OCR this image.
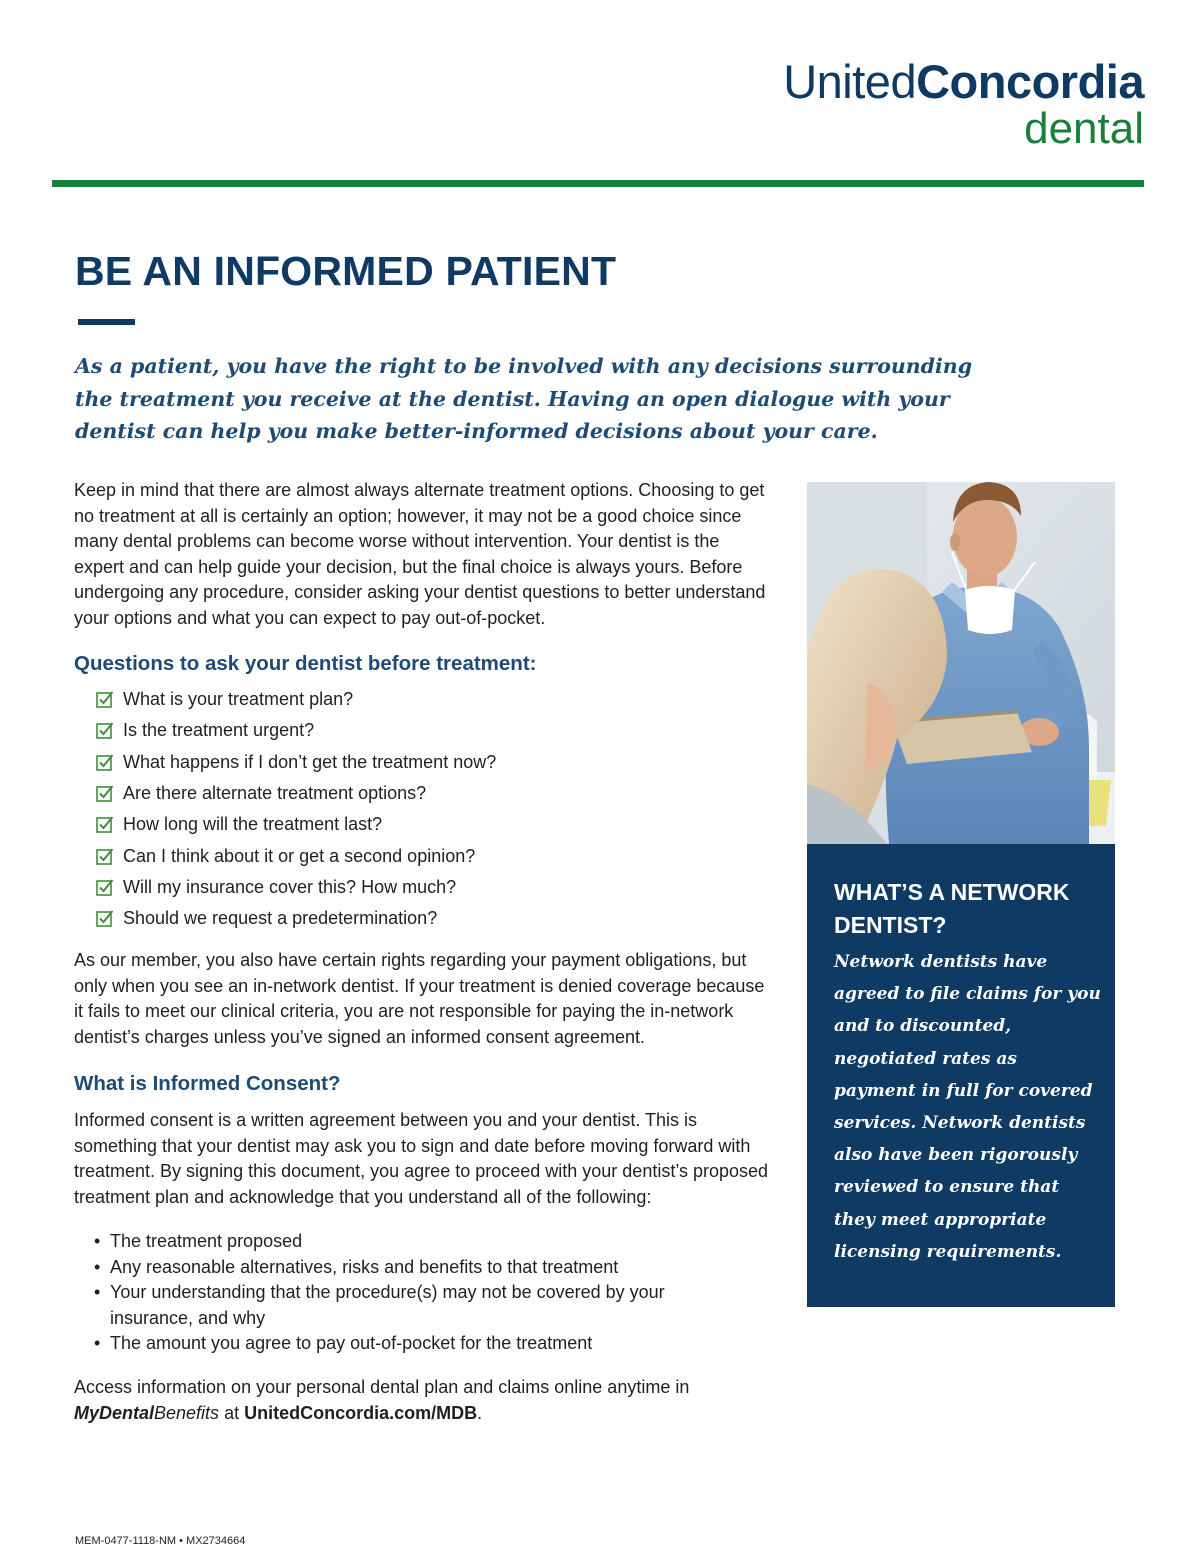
UnitedConcordia
dental
BE AN INFORMED PATIENT

As a patient, you have the right to be involved with any decisions surrounding the treatment you receive at the dentist. Having an open dialogue with your dentist can help you make better-informed decisions about your care.

Keep in mind that there are almost always alternate treatment options. Choosing to get no treatment at all is certainly an option; however, it may not be a good choice since many dental problems can become worse without intervention. Your dentist is the expert and can help guide your decision, but the final choice is always yours. Before undergoing any procedure, consider asking your dentist questions to better understand your options and what you can expect to pay out-of-pocket.

Questions to ask your dentist before treatment:
What is your treatment plan?
Is the treatment urgent?
What happens if I don’t get the treatment now?
Are there alternate treatment options?
How long will the treatment last?
Can I think about it or get a second opinion?
Will my insurance cover this? How much?
Should we request a predetermination?

As our member, you also have certain rights regarding your payment obligations, but only when you see an in-network dentist. If your treatment is denied coverage because it fails to meet our clinical criteria, you are not responsible for paying the in-network dentist’s charges unless you’ve signed an informed consent agreement.

What is Informed Consent?

Informed consent is a written agreement between you and your dentist. This is something that your dentist may ask you to sign and date before moving forward with treatment. By signing this document, you agree to proceed with your dentist’s proposed treatment plan and acknowledge that you understand all of the following:

• The treatment proposed
• Any reasonable alternatives, risks and benefits to that treatment
• Your understanding that the procedure(s) may not be covered by your insurance, and why
• The amount you agree to pay out-of-pocket for the treatment

Access information on your personal dental plan and claims online anytime in MyDentalBenefits at UnitedConcordia.com/MDB.

MEM-0477-1118-NM • MX2734664
WHAT’S A NETWORK DENTIST?

Network dentists have agreed to file claims for you and to discounted, negotiated rates as payment in full for covered services. Network dentists also have been rigorously reviewed to ensure that they meet appropriate licensing requirements.
